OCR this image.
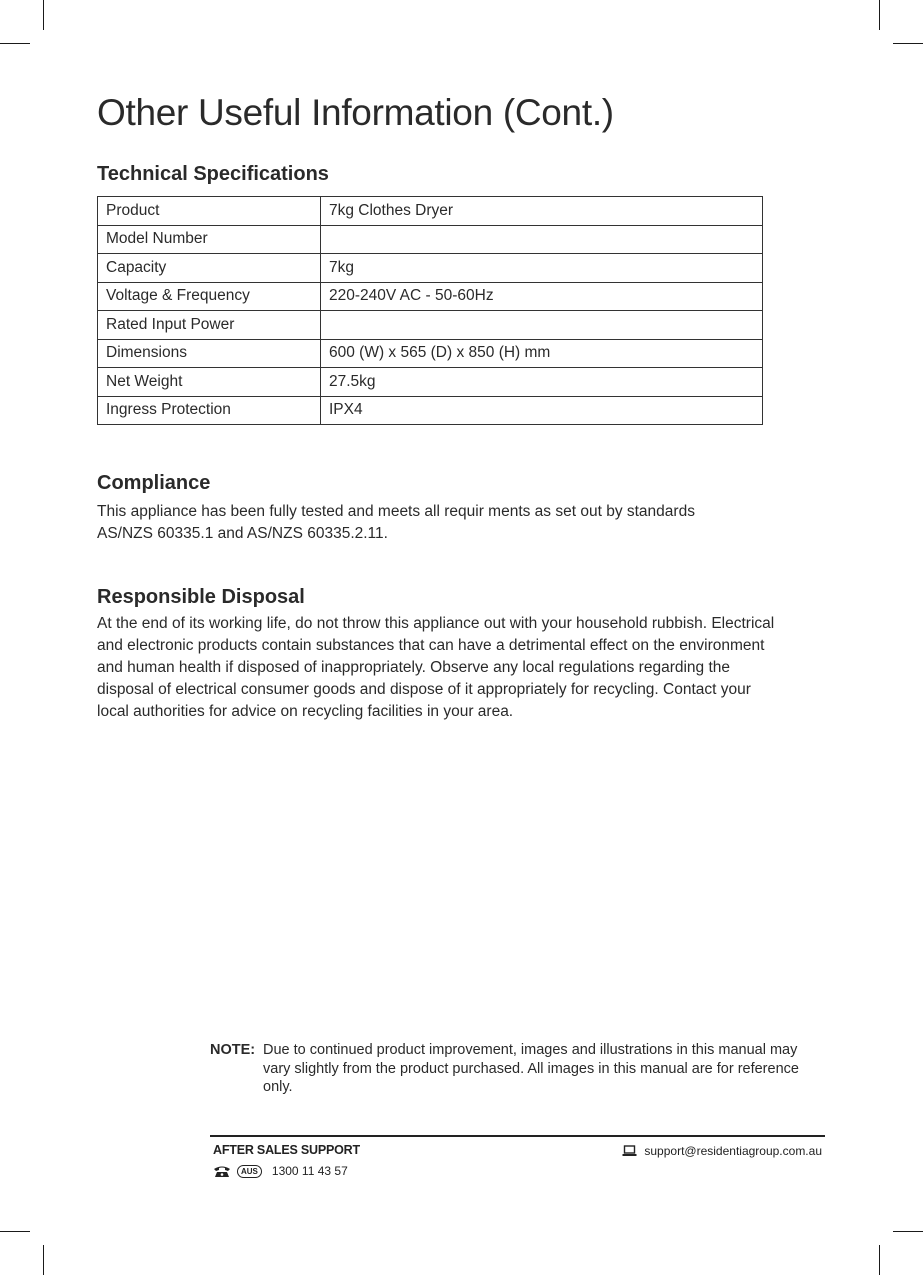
Other Useful Information (Cont.)
Technical Specifications
Product	7kg Clothes Dryer
Model Number	
Capacity	7kg
Voltage & Frequency	220-240V AC - 50-60Hz
Rated Input Power	
Dimensions	600 (W) x 565 (D) x 850 (H) mm
Net Weight	27.5kg
Ingress Protection	IPX4
Compliance

This appliance has been fully tested and meets all requir ments as set out by standards AS/NZS 60335.1 and AS/NZS 60335.2.11.

Responsible Disposal

At the end of its working life, do not throw this appliance out with your household rubbish. Electrical and electronic products contain substances that can have a detrimental effect on the environment and human health if disposed of inappropriately. Observe any local regulations regarding the disposal of electrical consumer goods and dispose of it appropriately for recycling. Contact your local authorities for advice on recycling facilities in your area.

NOTE: Due to continued product improvement, images and illustrations in this manual may vary slightly from the product purchased. All images in this manual are for reference only.
AFTER SALES SUPPORT
AUS	1300 11 43 57
support@residentiagroup.com.au
